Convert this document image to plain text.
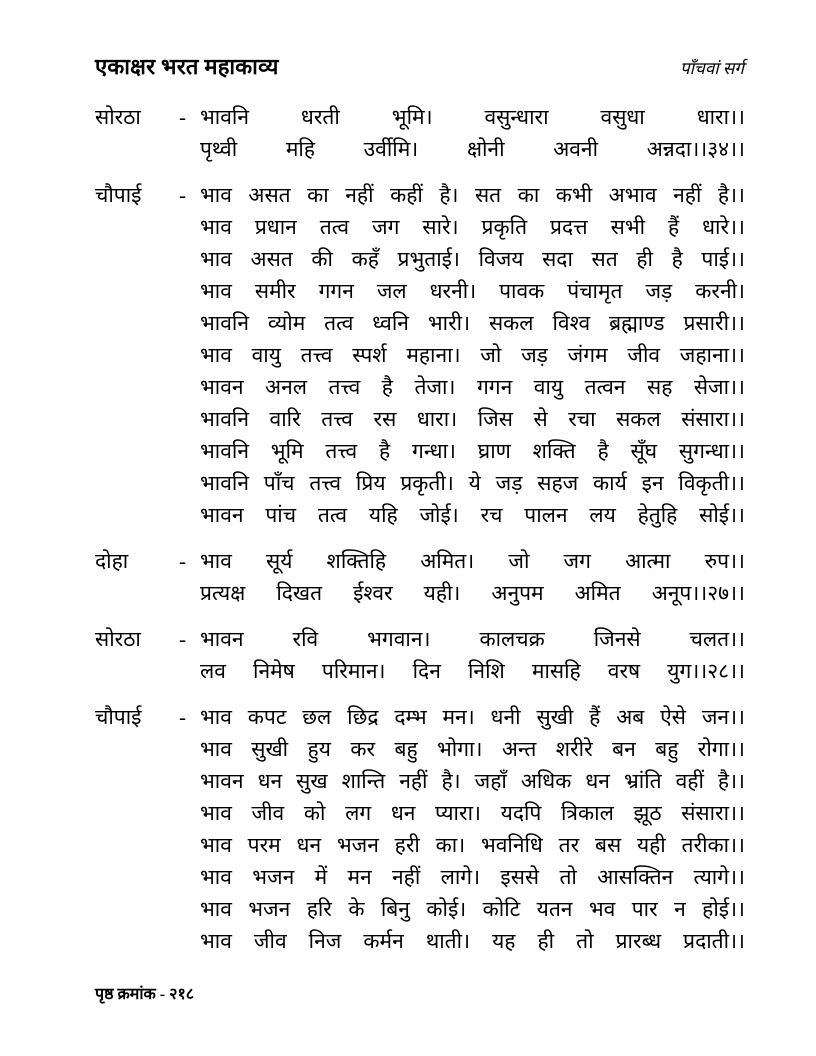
एकाक्षर भरत महाकाव्य	पाँचवां सर्ग
सोरठा - भावनि धरती भूमि। वसुन्धारा वसुधा धारा।।
पृथ्वी महि उर्वीमि। क्षोनी अवनी अन्नदा।।३४।।
चौपाई - भाव असत का नहीं कहीं है। सत का कभी अभाव नहीं है।।
भाव प्रधान तत्व जग सारे। प्रकृति प्रदत्त सभी हैं धारे।।
भाव असत की कहँ प्रभुताई। विजय सदा सत ही है पाई।।
भाव समीर गगन जल धरनी। पावक पंचामृत जड़ करनी।
भावनि व्योम तत्व ध्वनि भारी। सकल विश्व ब्रह्माण्ड प्रसारी।।
भाव वायु तत्त्व स्पर्श महाना। जो जड़ जंगम जीव जहाना।।
भावन अनल तत्त्व है तेजा। गगन वायु तत्वन सह सेजा।।
भावनि वारि तत्त्व रस धारा। जिस से रचा सकल संसारा।।
भावनि भूमि तत्त्व है गन्धा। घ्राण शक्ति है सूँघ सुगन्धा।।
भावनि पाँच तत्त्व प्रिय प्रकृती। ये जड़ सहज कार्य इन विकृती।।
भावन पांच तत्व यहि जोई। रच पालन लय हेतुहि सोई।।
दोहा - भाव सूर्य शक्तिहि अमित। जो जग आत्मा रुप।।
प्रत्यक्ष दिखत ईश्वर यही। अनुपम अमित अनूप।।२७।।
सोरठा - भावन रवि भगवान। कालचक्र जिनसे चलत।।
लव निमेष परिमान। दिन निशि मासहि वरष युग।।२८।।
चौपाई - भाव कपट छल छिद्र दम्भ मन। धनी सुखी हैं अब ऐसे जन।।
भाव सुखी हुय कर बहु भोगा। अन्त शरीरे बन बहु रोगा।।
भावन धन सुख शान्ति नहीं है। जहाँ अधिक धन भ्रांति वहीं है।।
भाव जीव को लग धन प्यारा। यदपि त्रिकाल झूठ संसारा।।
भाव परम धन भजन हरी का। भवनिधि तर बस यही तरीका।।
भाव भजन में मन नहीं लागे। इससे तो आसक्तिन त्यागे।।
भाव भजन हरि के बिनु कोई। कोटि यतन भव पार न होई।।
भाव जीव निज कर्मन थाती। यह ही तो प्रारब्ध प्रदाती।।
पृष्ठ क्रमांक - २१८
